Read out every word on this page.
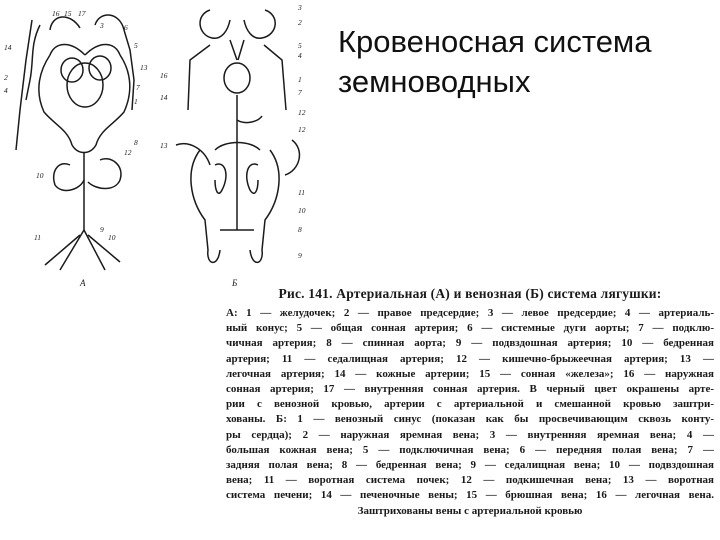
Кровеносная система
земноводных
16 15 17
14
2
4
3	6
5
13
7
1
8
12
10
11
9
10
3
2
5
4
16
14
7
1
12
12
13
11
10
8
9
А	Б
Рис. 141. Артериальная (А) и венозная (Б) система лягушки:
А: 1 — желудочек; 2 — правое предсердие; 3 — левое предсердие; 4 — артериаль-
ный конус; 5 — общая сонная артерия; 6 — системные дуги аорты; 7 — подклю-
чичная артерия; 8 — спинная аорта; 9 — подвздошная артерия; 10 — бедренная
артерия; 11 — седалищная артерия; 12 — кишечно-брыжеечная артерия; 13 —
легочная артерия; 14 — кожные артерии; 15 — сонная «железа»; 16 — наружная
сонная артерия; 17 — внутренняя сонная артерия. В черный цвет окрашены арте-
рии с венозной кровью, артерии с артериальной и смешанной кровью заштри-
хованы. Б: 1 — венозный синус (показан как бы просвечивающим сквозь конту-
ры сердца); 2 — наружная яремная вена; 3 — внутренняя яремная вена; 4 —
большая кожная вена; 5 — подключичная вена; 6 — передняя полая вена; 7 —
задняя полая вена; 8 — бедренная вена; 9 — седалищная вена; 10 — подвздошная
вена; 11 — воротная система почек; 12 — подкишечная вена; 13 — воротная
система печени; 14 — печеночные вены; 15 — брюшная вена; 16 — легочная вена.
Заштрихованы вены с артериальной кровью
